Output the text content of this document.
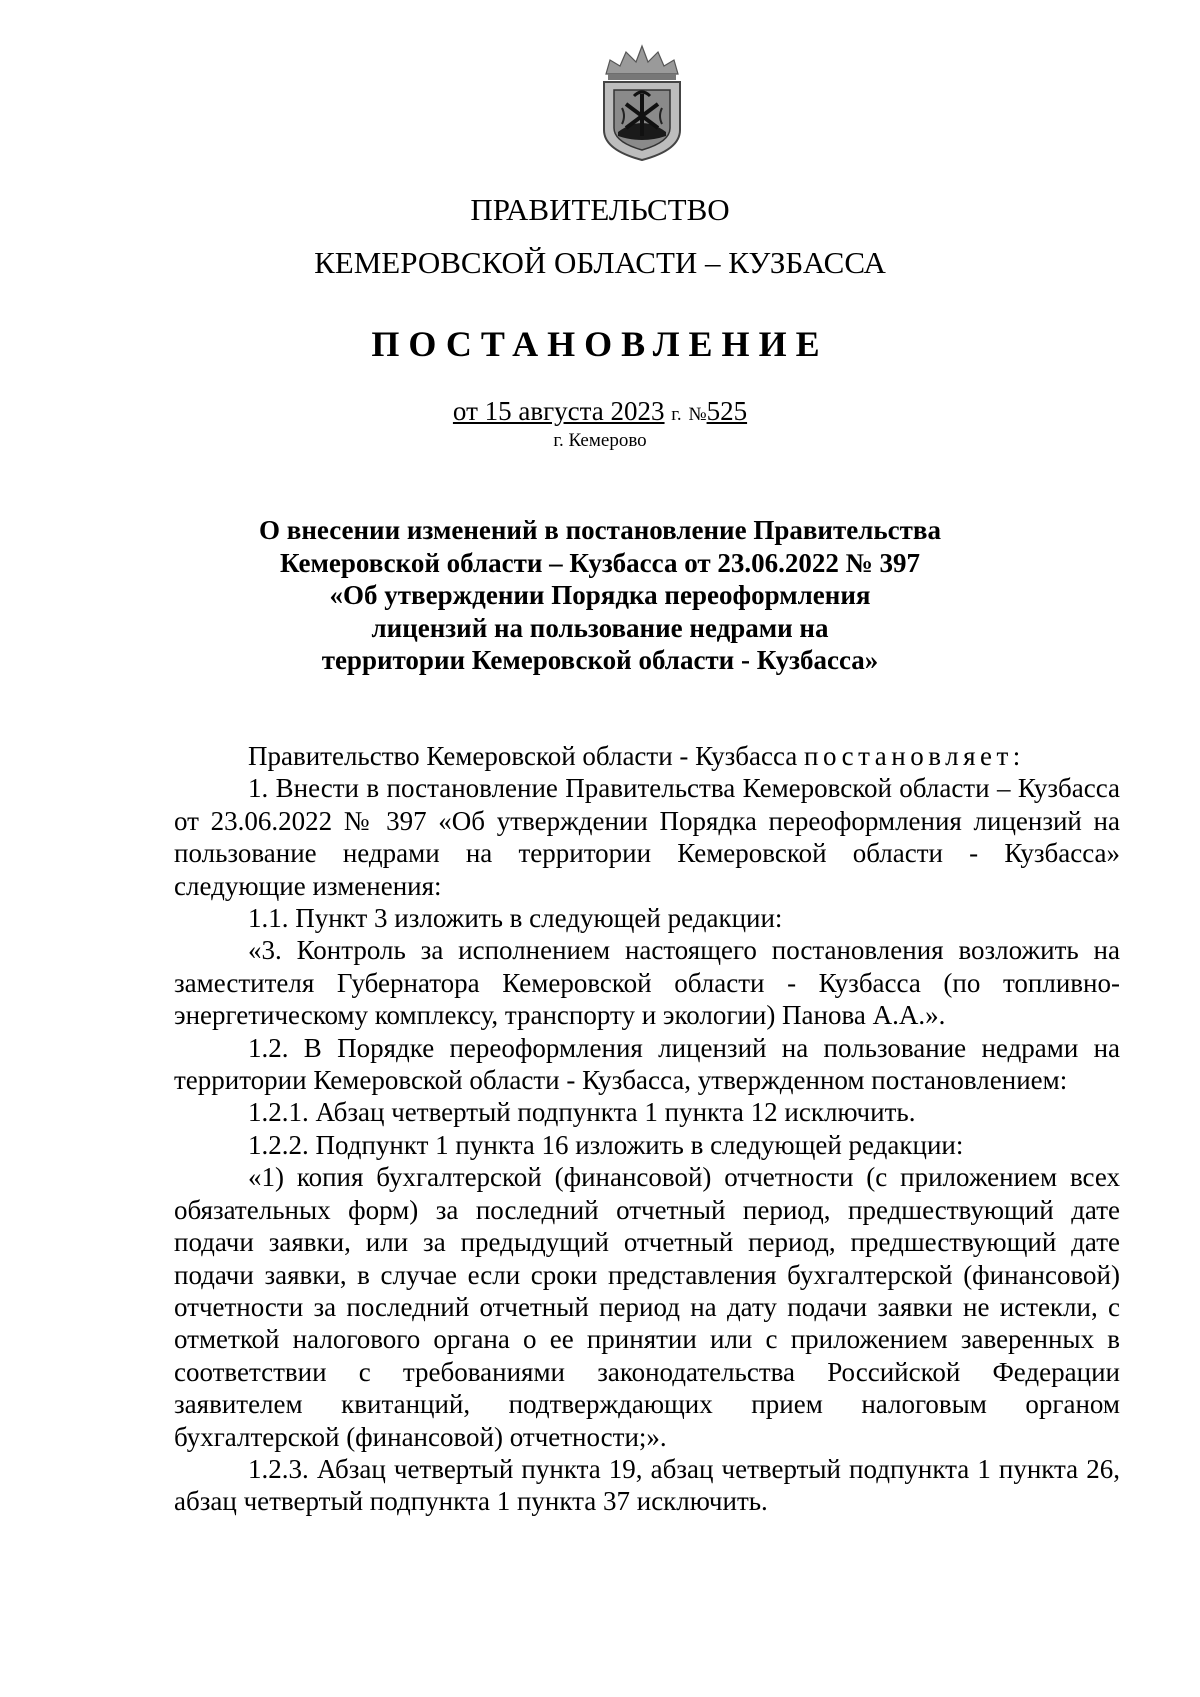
ПРАВИТЕЛЬСТВО
КЕМЕРОВСКОЙ ОБЛАСТИ – КУЗБАССА
ПОСТАНОВЛЕНИЕ
от 15 августа 2023 г. №525
г. Кемерово
О внесении изменений в постановление Правительства
Кемеровской области – Кузбасса от 23.06.2022 № 397
«Об утверждении Порядка переоформления
лицензий на пользование недрами на
территории Кемеровской области - Кузбасса»

Правительство Кемеровской области - Кузбасса постановляет:

1. Внести в постановление Правительства Кемеровской области – Кузбасса от 23.06.2022 № 397 «Об утверждении Порядка переоформления лицензий на пользование недрами на территории Кемеровской области - Кузбасса» следующие изменения:

1.1. Пункт 3 изложить в следующей редакции:

«3. Контроль за исполнением настоящего постановления возложить на заместителя Губернатора Кемеровской области - Кузбасса (по топливно-энергетическому комплексу, транспорту и экологии) Панова А.А.».

1.2. В Порядке переоформления лицензий на пользование недрами на территории Кемеровской области - Кузбасса, утвержденном постановлением:

1.2.1. Абзац четвертый подпункта 1 пункта 12 исключить.

1.2.2. Подпункт 1 пункта 16 изложить в следующей редакции:

«1) копия бухгалтерской (финансовой) отчетности (с приложением всех обязательных форм) за последний отчетный период, предшествующий дате подачи заявки, или за предыдущий отчетный период, предшествующий дате подачи заявки, в случае если сроки представления бухгалтерской (финансовой) отчетности за последний отчетный период на дату подачи заявки не истекли, с отметкой налогового органа о ее принятии или с приложением заверенных в соответствии с требованиями законодательства Российской Федерации заявителем квитанций, подтверждающих прием налоговым органом бухгалтерской (финансовой) отчетности;».

1.2.3. Абзац четвертый пункта 19, абзац четвертый подпункта 1 пункта 26, абзац четвертый подпункта 1 пункта 37 исключить.
